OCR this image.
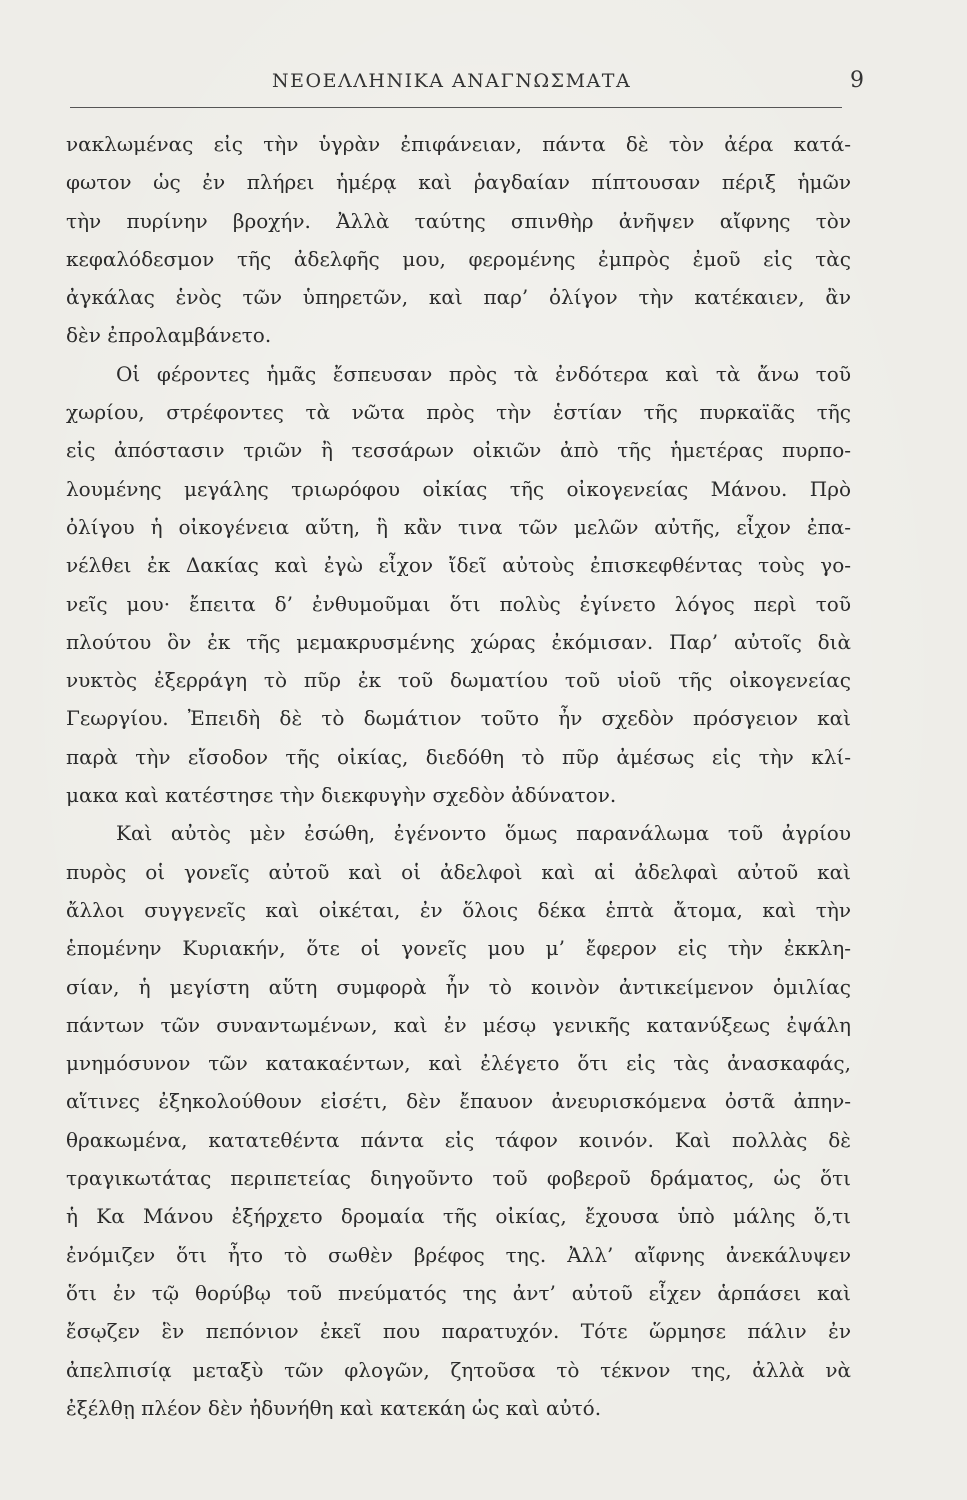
ΝΕΟΕΛΛΗΝΙΚΑ ΑΝΑΓΝΩΣΜΑΤΑ	9
νακλωμένας εἰς τὴν ὑγρὰν ἐπιφάνειαν, πάντα δὲ τὸν ἀέρα κατά-
φωτον ὡς ἐν πλήρει ἡμέρᾳ καὶ ῥαγδαίαν πίπτουσαν πέριξ ἡμῶν
τὴν πυρίνην βροχήν. Ἀλλὰ ταύτης σπινθὴρ ἀνῆψεν αἴφνης τὸν
κεφαλόδεσμον τῆς ἀδελφῆς μου, φερομένης ἐμπρὸς ἐμοῦ εἰς τὰς
ἀγκάλας ἑνὸς τῶν ὑπηρετῶν, καὶ παρ’ ὀλίγον τὴν κατέκαιεν, ἂν
δὲν ἐπρολαμβάνετο.
Οἱ φέροντες ἡμᾶς ἔσπευσαν πρὸς τὰ ἐνδότερα καὶ τὰ ἄνω τοῦ
χωρίου, στρέφοντες τὰ νῶτα πρὸς τὴν ἑστίαν τῆς πυρκαϊᾶς τῆς
εἰς ἀπόστασιν τριῶν ἢ τεσσάρων οἰκιῶν ἀπὸ τῆς ἡμετέρας πυρπο-
λουμένης μεγάλης τριωρόφου οἰκίας τῆς οἰκογενείας Μάνου. Πρὸ
ὀλίγου ἡ οἰκογένεια αὕτη, ἣ κἂν τινα τῶν μελῶν αὐτῆς, εἶχον ἐπα-
νέλθει ἐκ Δακίας καὶ ἐγὼ εἶχον ἴδεῖ αὐτοὺς ἐπισκεφθέντας τοὺς γο-
νεῖς μου· ἔπειτα δ’ ἐνθυμοῦμαι ὅτι πολὺς ἐγίνετο λόγος περὶ τοῦ
πλούτου ὃν ἐκ τῆς μεμακρυσμένης χώρας ἐκόμισαν. Παρ’ αὐτοῖς διὰ
νυκτὸς ἐξερράγη τὸ πῦρ ἐκ τοῦ δωματίου τοῦ υἱοῦ τῆς οἰκογενείας
Γεωργίου. Ἐπειδὴ δὲ τὸ δωμάτιον τοῦτο ἦν σχεδὸν πρόσγειον καὶ
παρὰ τὴν εἴσοδον τῆς οἰκίας, διεδόθη τὸ πῦρ ἀμέσως εἰς τὴν κλί-
μακα καὶ κατέστησε τὴν διεκφυγὴν σχεδὸν ἀδύνατον.
Καὶ αὐτὸς μὲν ἐσώθη, ἐγένοντο ὅμως παρανάλωμα τοῦ ἀγρίου
πυρὸς οἱ γονεῖς αὐτοῦ καὶ οἱ ἀδελφοὶ καὶ αἱ ἀδελφαὶ αὐτοῦ καὶ
ἄλλοι συγγενεῖς καὶ οἰκέται, ἐν ὅλοις δέκα ἑπτὰ ἄτομα, καὶ τὴν
ἑπομένην Κυριακήν, ὅτε οἱ γονεῖς μου μ’ ἔφερον εἰς τὴν ἐκκλη-
σίαν, ἡ μεγίστη αὕτη συμφορὰ ἦν τὸ κοινὸν ἀντικείμενον ὁμιλίας
πάντων τῶν συναντωμένων, καὶ ἐν μέσῳ γενικῆς κατανύξεως ἐψάλη
μνημόσυνον τῶν κατακαέντων, καὶ ἐλέγετο ὅτι εἰς τὰς ἀνασκαφάς,
αἵτινες ἐξηκολούθουν εἰσέτι, δὲν ἔπαυον ἀνευρισκόμενα ὀστᾶ ἀπην-
θρακωμένα, κατατεθέντα πάντα εἰς τάφον κοινόν. Καὶ πολλὰς δὲ
τραγικωτάτας περιπετείας διηγοῦντο τοῦ φοβεροῦ δράματος, ὡς ὅτι
ἡ Κα Μάνου ἐξήρχετο δρομαία τῆς οἰκίας, ἔχουσα ὑπὸ μάλης ὅ,τι
ἐνόμιζεν ὅτι ἦτο τὸ σωθὲν βρέφος της. Ἀλλ’ αἴφνης ἀνεκάλυψεν
ὅτι ἐν τῷ θορύβῳ τοῦ πνεύματός της ἀντ’ αὐτοῦ εἶχεν ἁρπάσει καὶ
ἔσῳζεν ἓν πεπόνιον ἐκεῖ που παρατυχόν. Τότε ὥρμησε πάλιν ἐν
ἀπελπισίᾳ μεταξὺ τῶν φλογῶν, ζητοῦσα τὸ τέκνον της, ἀλλὰ νὰ
ἐξέλθῃ πλέον δὲν ἠδυνήθη καὶ κατεκάη ὡς καὶ αὐτό.
